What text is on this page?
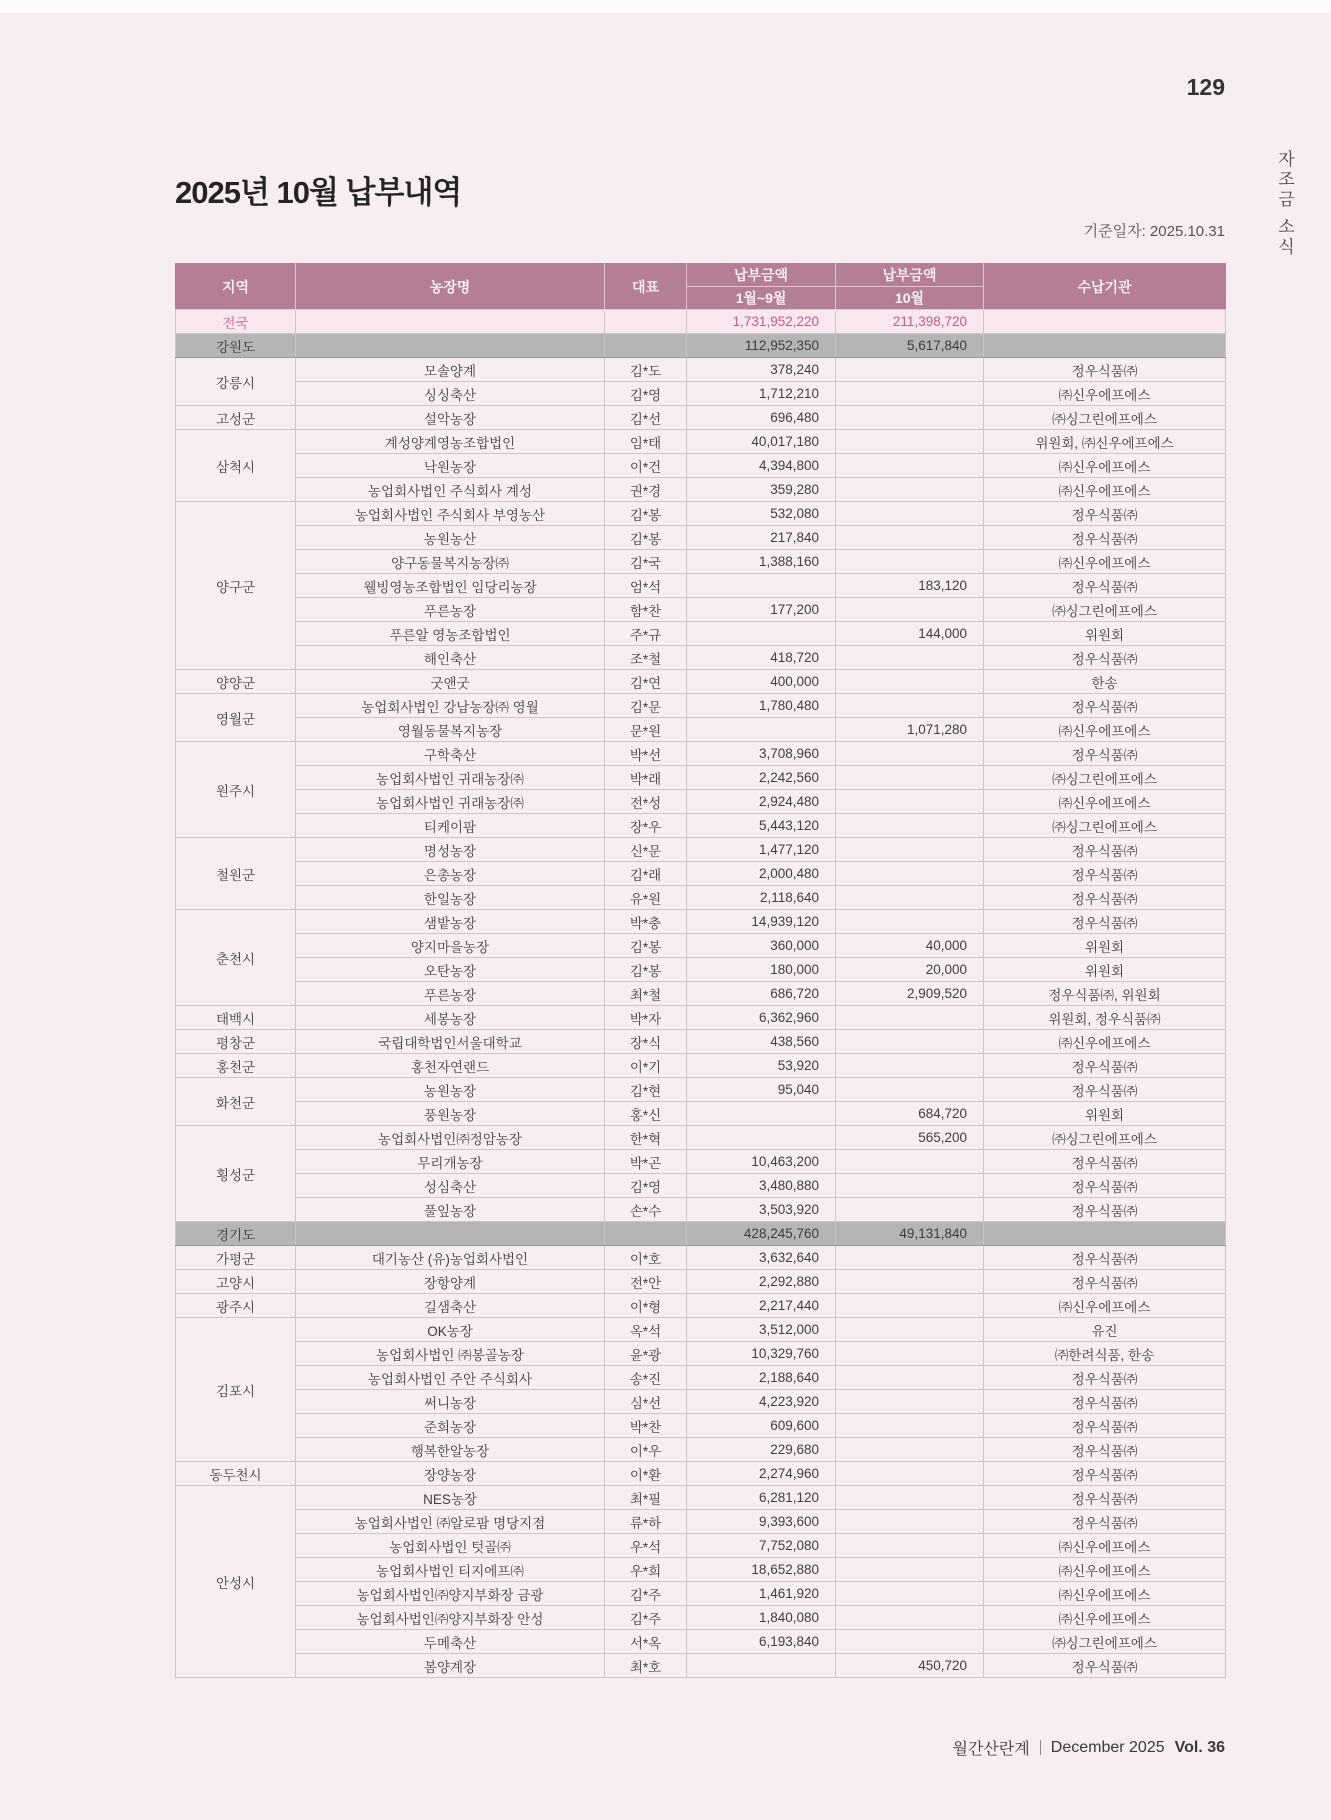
129
자조금 소식
2025년 10월 납부내역
기준일자: 2025.10.31
지역	농장명	대표	납부금액	납부금액	수납기관
			1월~9월	10월	
전국			1,731,952,220	211,398,720	
강원도			112,952,350	5,617,840	
강릉시	모솔양계	김*도	378,240		정우식품㈜
	싱싱축산	김*영	1,712,210		㈜신우에프에스
고성군	설악농장	김*선	696,480		㈜싱그린에프에스
삼척시	계성양계영농조합법인	임*태	40,017,180		위원회, ㈜신우에프에스
	낙원농장	이*건	4,394,800		㈜신우에프에스
	농업회사법인 주식회사 계성	권*경	359,280		㈜신우에프에스
양구군	농업회사법인 주식회사 부영농산	김*봉	532,080		정우식품㈜
	농원농산	김*봉	217,840		정우식품㈜
	양구동물복지농장㈜	김*국	1,388,160		㈜신우에프에스
	웰빙영농조합법인 임당리농장	엄*석		183,120	정우식품㈜
	푸른농장	함*찬	177,200		㈜싱그린에프에스
	푸른알 영농조합법인	주*규		144,000	위원회
	해인축산	조*철	418,720		정우식품㈜
양양군	굿앤굿	김*연	400,000		한송
영월군	농업회사법인 강남농장㈜ 영월	김*문	1,780,480		정우식품㈜
	영월동물복지농장	문*원		1,071,280	㈜신우에프에스
원주시	구학축산	박*선	3,708,960		정우식품㈜
	농업회사법인 귀래농장㈜	박*래	2,242,560		㈜싱그린에프에스
	농업회사법인 귀래농장㈜	전*성	2,924,480		㈜신우에프에스
	티케이팜	장*우	5,443,120		㈜싱그린에프에스
철원군	명성농장	신*문	1,477,120		정우식품㈜
	은총농장	김*래	2,000,480		정우식품㈜
	한일농장	유*원	2,118,640		정우식품㈜
춘천시	샘밭농장	박*충	14,939,120		정우식품㈜
	양지마을농장	김*봉	360,000	40,000	위원회
	오탄농장	김*봉	180,000	20,000	위원회
	푸른농장	최*철	686,720	2,909,520	정우식품㈜, 위원회
태백시	세봉농장	박*자	6,362,960		위원회, 정우식품㈜
평창군	국립대학법인서울대학교	장*식	438,560		㈜신우에프에스
홍천군	홍천자연랜드	이*기	53,920		정우식품㈜
화천군	농원농장	김*현	95,040		정우식품㈜
	풍원농장	홍*신		684,720	위원회
횡성군	농업회사법인㈜정암농장	한*혁		565,200	㈜싱그린에프에스
	무리개농장	박*곤	10,463,200		정우식품㈜
	성심축산	김*영	3,480,880		정우식품㈜
	풀잎농장	손*수	3,503,920		정우식품㈜
경기도			428,245,760	49,131,840	
가평군	대기농산 (유)농업회사법인	이*호	3,632,640		정우식품㈜
고양시	장항양계	전*안	2,292,880		정우식품㈜
광주시	길샘축산	이*형	2,217,440		㈜신우에프에스
김포시	OK농장	옥*석	3,512,000		유진
	농업회사법인 ㈜봉골농장	윤*광	10,329,760		㈜한려식품, 한송
	농업회사법인 주안 주식회사	송*진	2,188,640		정우식품㈜
	써니농장	심*선	4,223,920		정우식품㈜
	준희농장	박*찬	609,600		정우식품㈜
	행복한알농장	이*우	229,680		정우식품㈜
동두천시	장양농장	이*환	2,274,960		정우식품㈜
안성시	NES농장	최*필	6,281,120		정우식품㈜
	농업회사법인 ㈜알로팜 명당지점	류*하	9,393,600		정우식품㈜
	농업회사법인 텃골㈜	우*석	7,752,080		㈜신우에프에스
	농업회사법인 티지에프㈜	우*희	18,652,880		㈜신우에프에스
	농업회사법인㈜양지부화장 금광	김*주	1,461,920		㈜신우에프에스
	농업회사법인㈜양지부화장 안성	김*주	1,840,080		㈜신우에프에스
	두메축산	서*옥	6,193,840		㈜싱그린에프에스
	봄양계장	최*호		450,720	정우식품㈜
월간산란계 December 2025 Vol. 36
